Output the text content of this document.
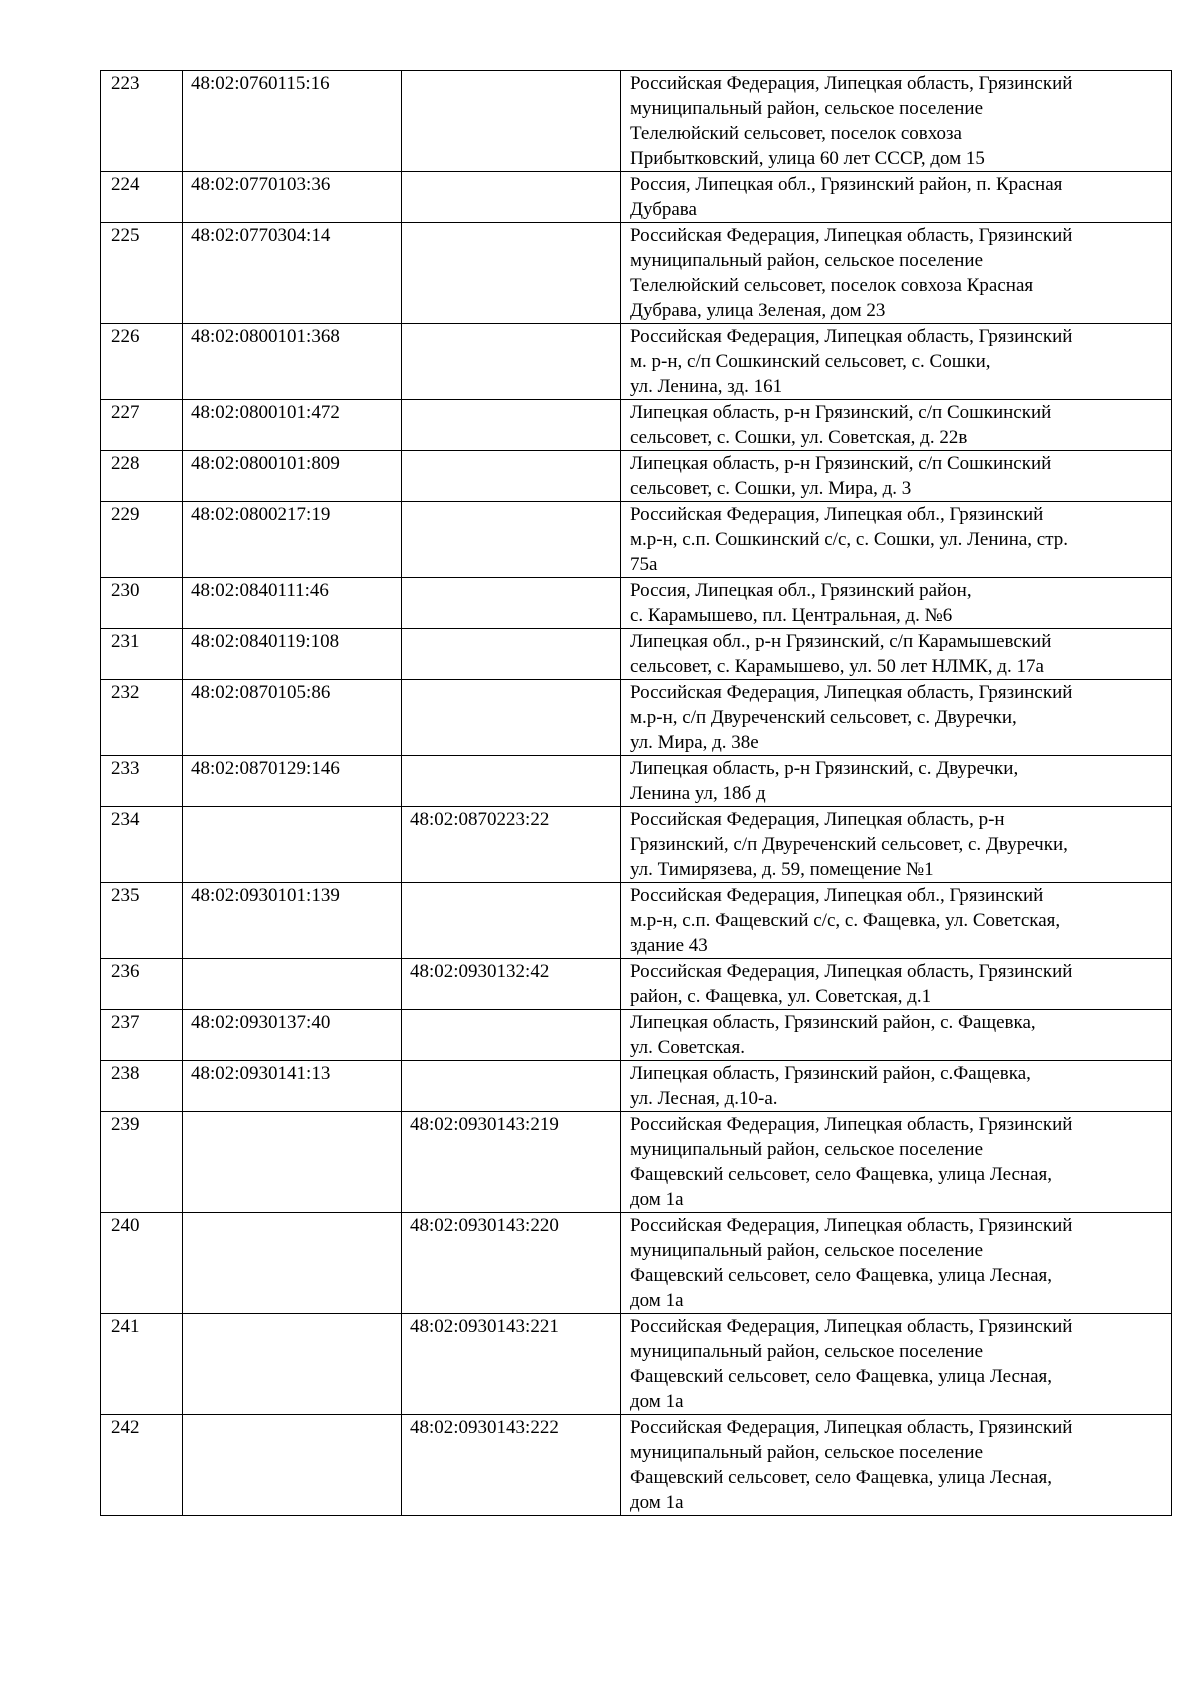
223	48:02:0760115:16		Российская Федерация, Липецкая область, Грязинский
муниципальный район, сельское поселение
Телелюйский сельсовет, поселок совхоза
Прибытковский, улица 60 лет СССР, дом 15
224	48:02:0770103:36		Россия, Липецкая обл., Грязинский район, п. Красная
Дубрава
225	48:02:0770304:14		Российская Федерация, Липецкая область, Грязинский
муниципальный район, сельское поселение
Телелюйский сельсовет, поселок совхоза Красная
Дубрава, улица Зеленая, дом 23
226	48:02:0800101:368		Российская Федерация, Липецкая область, Грязинский
м. р-н, с/п Сошкинский сельсовет, с. Сошки,
ул. Ленина, зд. 161
227	48:02:0800101:472		Липецкая область, р-н Грязинский, с/п Сошкинский
сельсовет, с. Сошки, ул. Советская, д. 22в
228	48:02:0800101:809		Липецкая область, р-н Грязинский, с/п Сошкинский
сельсовет, с. Сошки, ул. Мира, д. 3
229	48:02:0800217:19		Российская Федерация, Липецкая обл., Грязинский
м.р-н, с.п. Сошкинский с/с, с. Сошки, ул. Ленина, стр.
75а
230	48:02:0840111:46		Россия, Липецкая обл., Грязинский район,
с. Карамышево, пл. Центральная, д. №6
231	48:02:0840119:108		Липецкая обл., р-н Грязинский, с/п Карамышевский
сельсовет, с. Карамышево, ул. 50 лет НЛМК, д. 17а
232	48:02:0870105:86		Российская Федерация, Липецкая область, Грязинский
м.р-н, с/п Двуреченский сельсовет, с. Двуречки,
ул. Мира, д. 38е
233	48:02:0870129:146		Липецкая область, р-н Грязинский, с. Двуречки,
Ленина ул, 18б д
234		48:02:0870223:22	Российская Федерация, Липецкая область, р-н
Грязинский, с/п Двуреченский сельсовет, с. Двуречки,
ул. Тимирязева, д. 59, помещение №1
235	48:02:0930101:139		Российская Федерация, Липецкая обл., Грязинский
м.р-н, с.п. Фащевский с/с, с. Фащевка, ул. Советская,
здание 43
236		48:02:0930132:42	Российская Федерация, Липецкая область, Грязинский
район, с. Фащевка, ул. Советская, д.1
237	48:02:0930137:40		Липецкая область, Грязинский район, с. Фащевка,
ул. Советская.
238	48:02:0930141:13		Липецкая область, Грязинский район, с.Фащевка,
ул. Лесная, д.10-а.
239		48:02:0930143:219	Российская Федерация, Липецкая область, Грязинский
муниципальный район, сельское поселение
Фащевский сельсовет, село Фащевка, улица Лесная,
дом 1а
240		48:02:0930143:220	Российская Федерация, Липецкая область, Грязинский
муниципальный район, сельское поселение
Фащевский сельсовет, село Фащевка, улица Лесная,
дом 1а
241		48:02:0930143:221	Российская Федерация, Липецкая область, Грязинский
муниципальный район, сельское поселение
Фащевский сельсовет, село Фащевка, улица Лесная,
дом 1а
242		48:02:0930143:222	Российская Федерация, Липецкая область, Грязинский
муниципальный район, сельское поселение
Фащевский сельсовет, село Фащевка, улица Лесная,
дом 1а
